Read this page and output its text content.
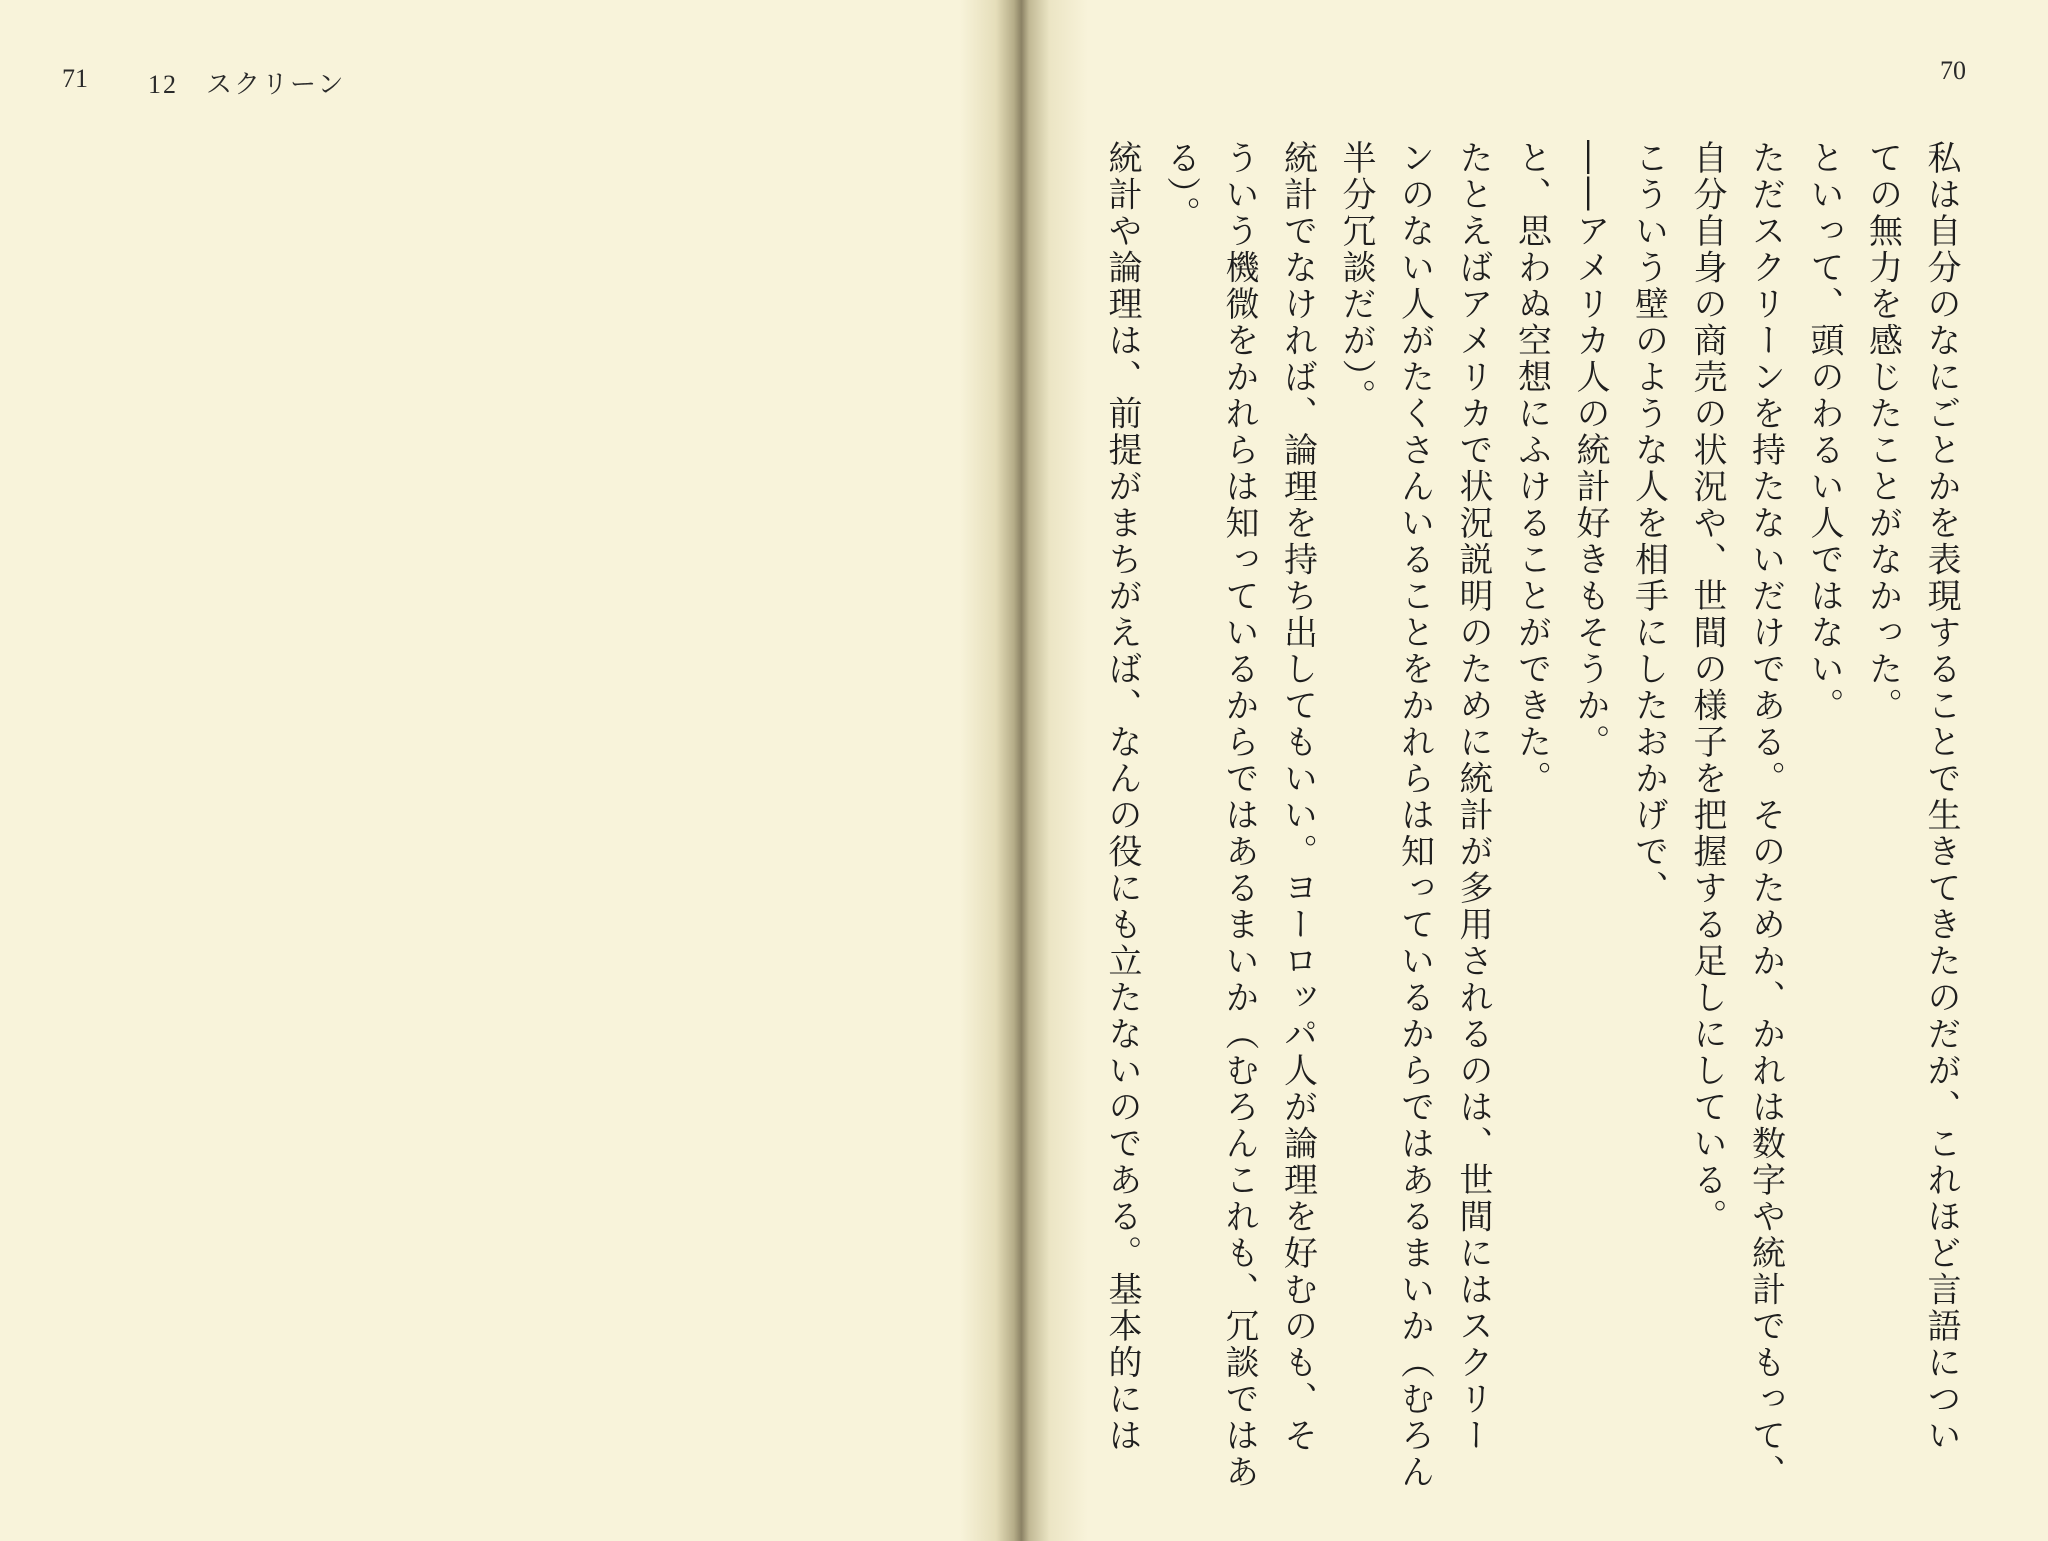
71 12　スクリーン	70

私は自分のなにごとかを表現することで生きてきたのだが、これほど言語につい

ての無力を感じたことがなかった。

といって、頭のわるい人ではない。

ただスクリーンを持たないだけである。そのためか、かれは数字や統計でもって、

自分自身の商売の状況や、世間の様子を把握する足しにしている。

こういう壁のような人を相手にしたおかげで、

――アメリカ人の統計好きもそうか。

と、思わぬ空想にふけることができた。

たとえばアメリカで状況説明のために統計が多用されるのは、世間にはスクリー

ンのない人がたくさんいることをかれらは知っているからではあるまいか（むろん

半分冗談だが）。

統計でなければ、論理を持ち出してもいい。ヨーロッパ人が論理を好むのも、そ

ういう機微をかれらは知っているからではあるまいか（むろんこれも、冗談ではあ

る）。

統計や論理は、前提がまちがえば、なんの役にも立たないのである。基本的には
